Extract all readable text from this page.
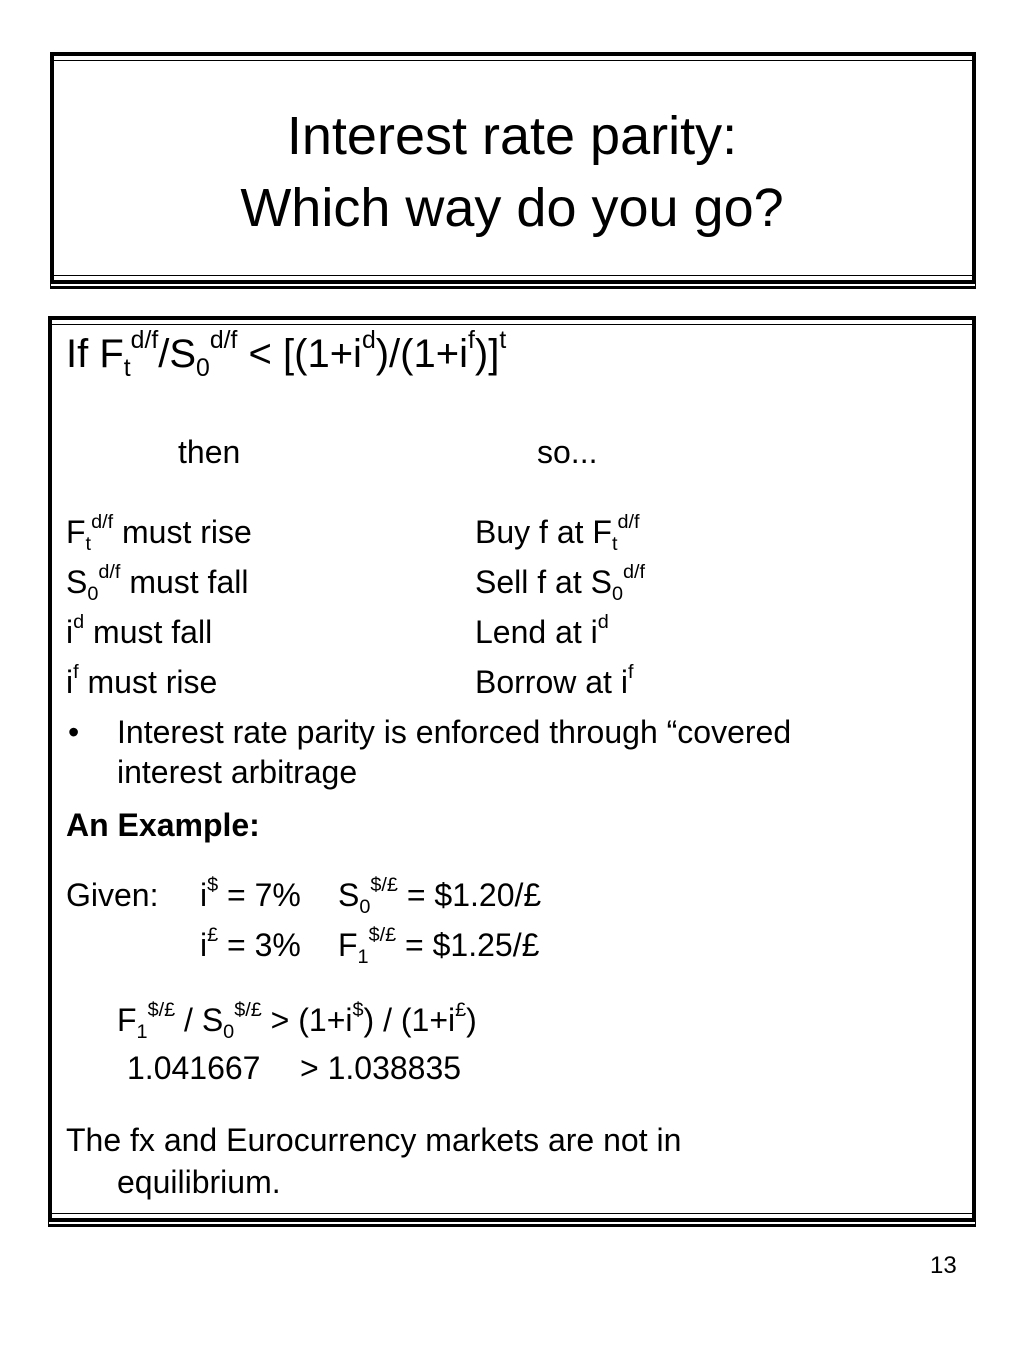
Interest rate parity:
Which way do you go?
If $F_t^{d/f}/S_0^{d/f} < [(1+i^d)/(1+i^f)]^t$
then	so...
$F_t^{d/f}$ must rise	Buy f at $F_t^{d/f}$
$S_0^{d/f}$ must fall	Sell f at $S_0^{d/f}$
$i^d$ must fall	Lend at $i^d$
$i^f$ must rise	Borrow at $i^f$
• Interest rate parity is enforced through “covered
interest arbitrage
An Example:
Given: i$ = 7% $S_0^{\$/£}$ = $1.20/£
i£ = 3% $F_1^{\$/£}$ = $1.25/£
$F_1^{\$/£} / S_0^{\$/£} > (1+i^{\$}) / (1+i^£)$
1.041667 > 1.038835
The fx and Eurocurrency markets are not in
equilibrium.
13
